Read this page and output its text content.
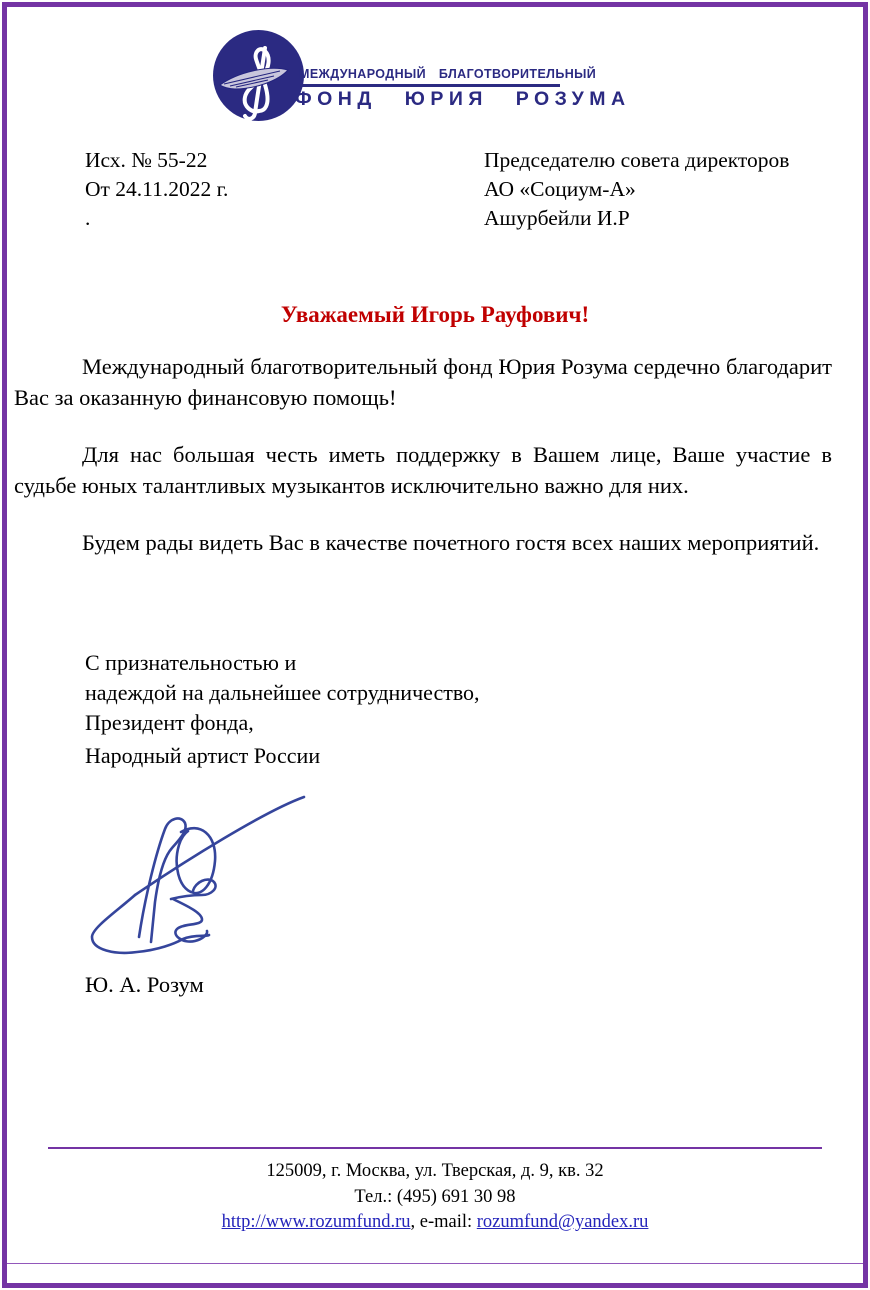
МЕЖДУНАРОДНЫЙ БЛАГОТВОРИТЕЛЬНЫЙ
ФОНД ЮРИЯ РОЗУМА
Исх. № 55-22
От 24.11.2022 г.
.
Председателю совета директоров
АО «Социум-А»
Ашурбейли И.Р
Уважаемый Игорь Рауфович!

Международный благотворительный фонд Юрия Розума сердечно благодарит Вас за оказанную финансовую помощь!

Для нас большая честь иметь поддержку в Вашем лице, Ваше участие в судьбе юных талантливых музыкантов исключительно важно для них.

Будем рады видеть Вас в качестве почетного гостя всех наших мероприятий.

С признательностью и
надеждой на дальнейшее сотрудничество,
Президент фонда,
Народный артист России
Ю. А. Розум
125009, г. Москва, ул. Тверская, д. 9, кв. 32
Тел.: (495) 691 30 98
http://www.rozumfund.ru, e-mail: rozumfund@yandex.ru
